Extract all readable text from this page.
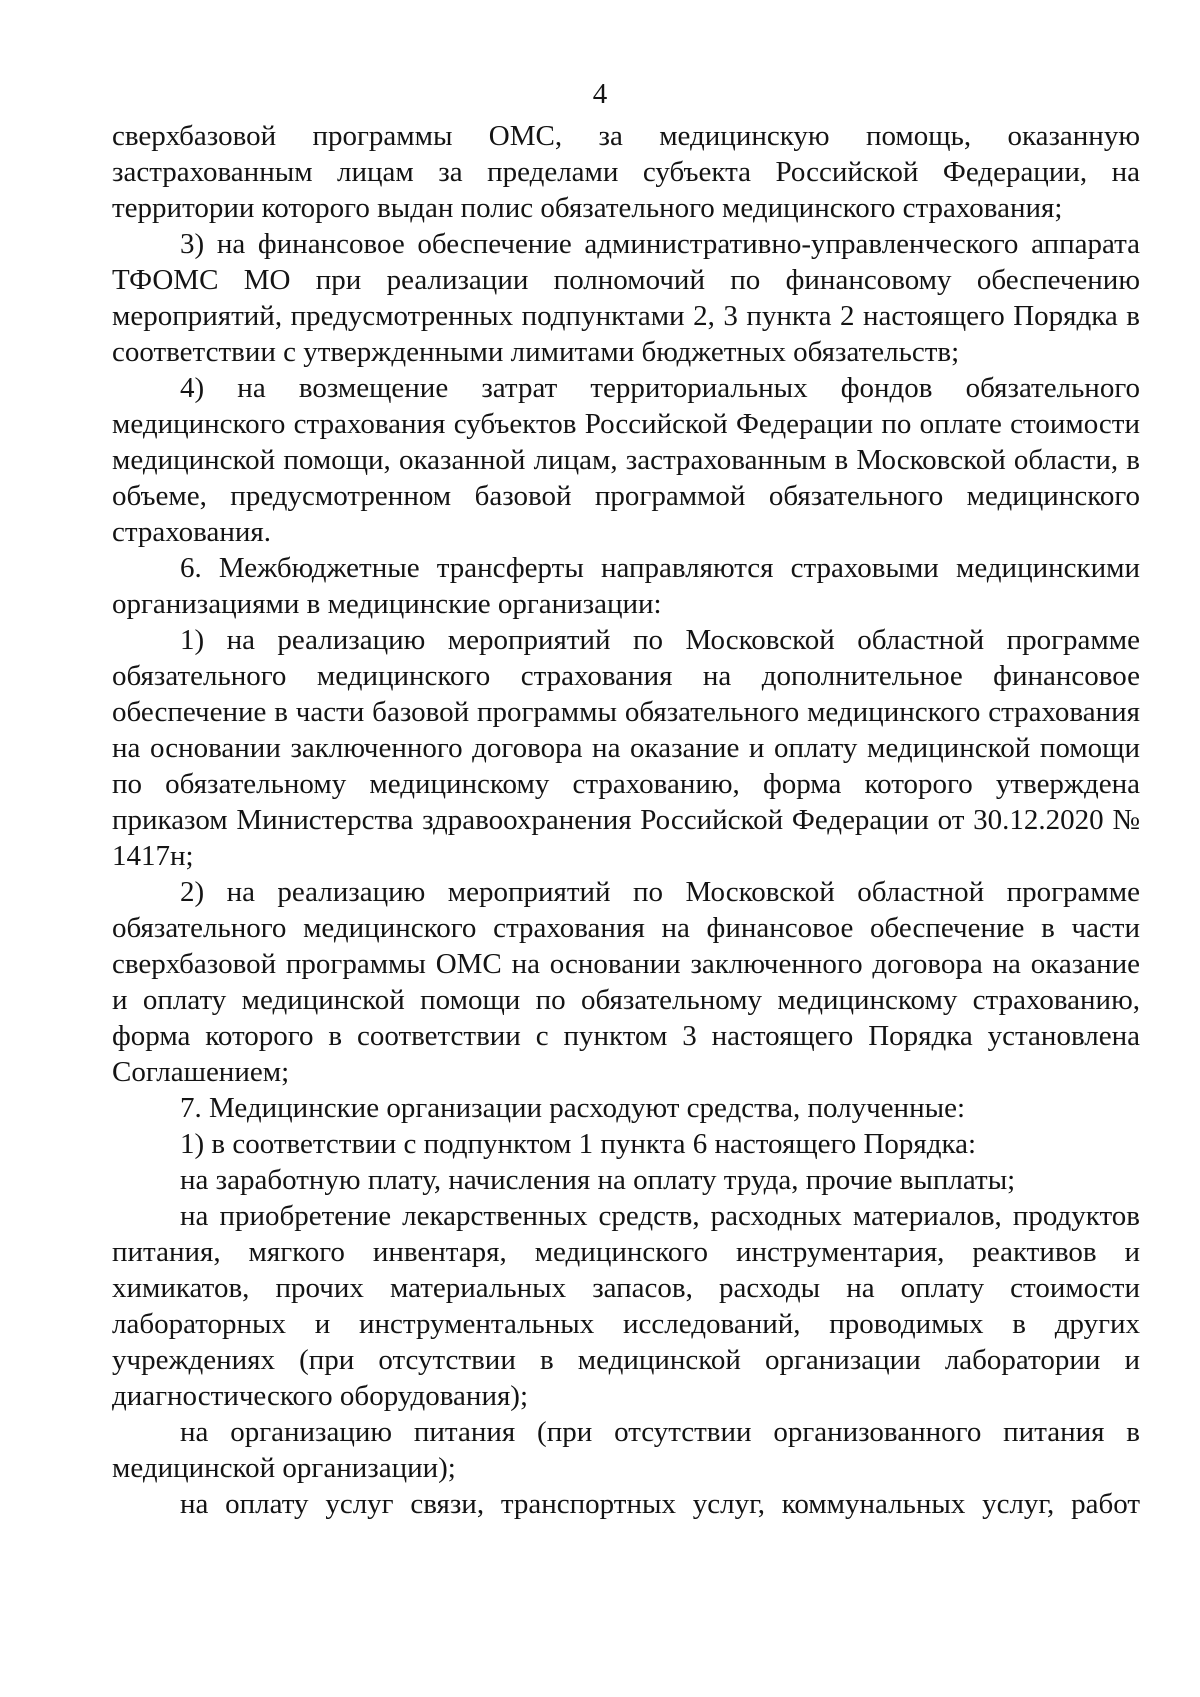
4

сверхбазовой программы ОМС, за медицинскую помощь, оказанную застрахованным лицам за пределами субъекта Российской Федерации, на территории которого выдан полис обязательного медицинского страхования;

3) на финансовое обеспечение административно-управленческого аппарата ТФОМС МО при реализации полномочий по финансовому обеспечению мероприятий, предусмотренных подпунктами 2, 3 пункта 2 настоящего Порядка в соответствии с утвержденными лимитами бюджетных обязательств;

4) на возмещение затрат территориальных фондов обязательного медицинского страхования субъектов Российской Федерации по оплате стоимости медицинской помощи, оказанной лицам, застрахованным в Московской области, в объеме, предусмотренном базовой программой обязательного медицинского страхования.

6. Межбюджетные трансферты направляются страховыми медицинскими организациями в медицинские организации:

1) на реализацию мероприятий по Московской областной программе обязательного медицинского страхования на дополнительное финансовое обеспечение в части базовой программы обязательного медицинского страхования на основании заключенного договора на оказание и оплату медицинской помощи по обязательному медицинскому страхованию, форма которого утверждена приказом Министерства здравоохранения Российской Федерации от 30.12.2020 № 1417н;

2) на реализацию мероприятий по Московской областной программе обязательного медицинского страхования на финансовое обеспечение в части сверхбазовой программы ОМС на основании заключенного договора на оказание и оплату медицинской помощи по обязательному медицинскому страхованию, форма которого в соответствии с пунктом 3 настоящего Порядка установлена Соглашением;

7. Медицинские организации расходуют средства, полученные:

1) в соответствии с подпунктом 1 пункта 6 настоящего Порядка:

на заработную плату, начисления на оплату труда, прочие выплаты;

на приобретение лекарственных средств, расходных материалов, продуктов питания, мягкого инвентаря, медицинского инструментария, реактивов и химикатов, прочих материальных запасов, расходы на оплату стоимости лабораторных и инструментальных исследований, проводимых в других учреждениях (при отсутствии в медицинской организации лаборатории и диагностического оборудования);

на организацию питания (при отсутствии организованного питания в медицинской организации);

на оплату услуг связи, транспортных услуг, коммунальных услуг, работ
